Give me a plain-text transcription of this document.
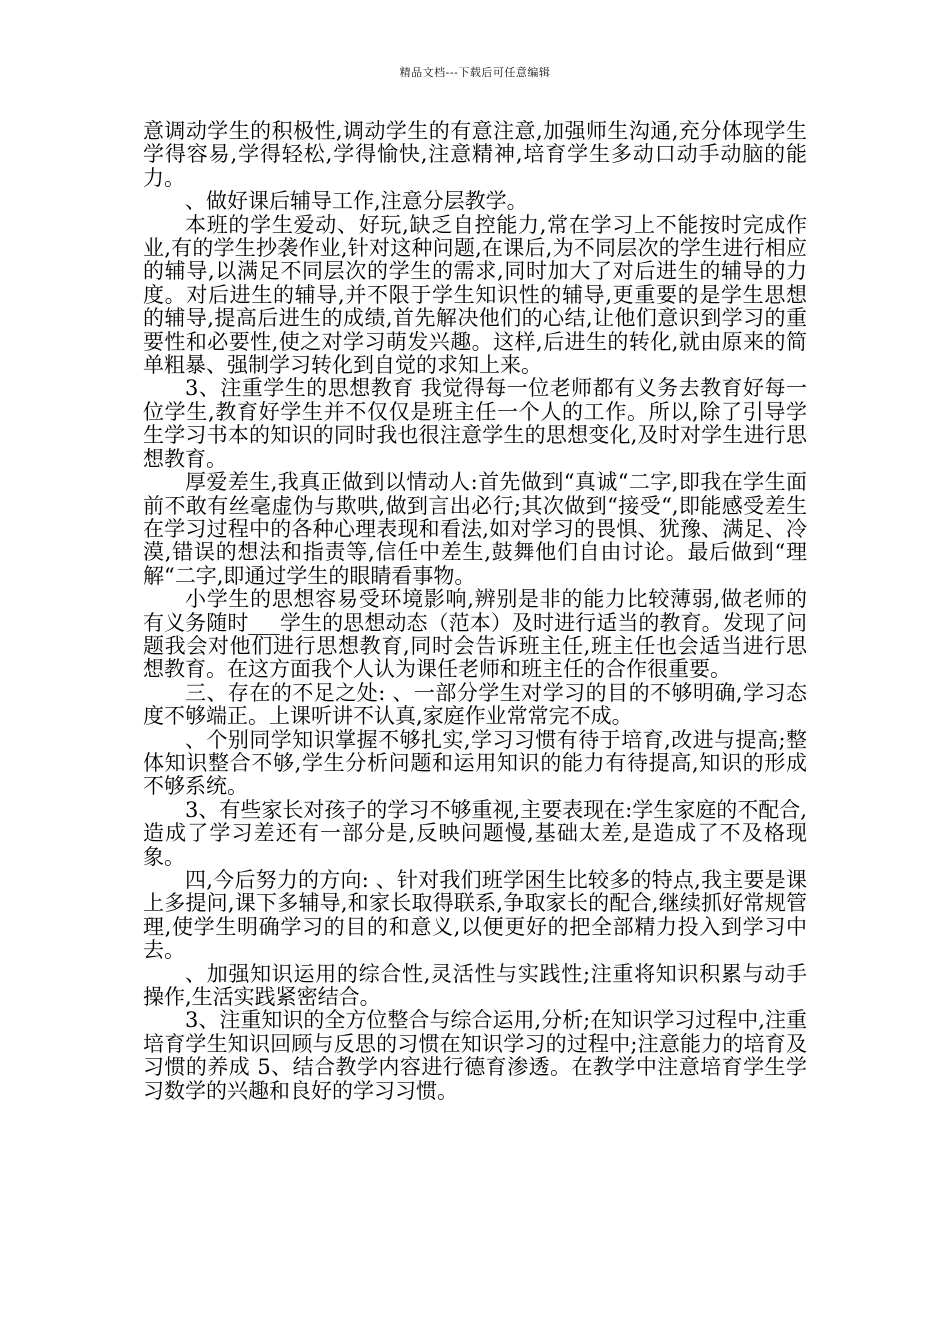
精品文档---下载后可任意编辑

意调动学生的积极性,调动学生的有意注意,加强师生沟通,充分体现学生学得容易,学得轻松,学得愉快,注意精神,培育学生多动口动手动脑的能力。

、做好课后辅导工作,注意分层教学。

本班的学生爱动、好玩,缺乏自控能力,常在学习上不能按时完成作业,有的学生抄袭作业,针对这种问题,在课后,为不同层次的学生进行相应的辅导,以满足不同层次的学生的需求,同时加大了对后进生的辅导的力度。对后进生的辅导,并不限于学生知识性的辅导,更重要的是学生思想的辅导,提高后进生的成绩,首先解决他们的心结,让他们意识到学习的重要性和必要性,使之对学习萌发兴趣。这样,后进生的转化,就由原来的简单粗暴、强制学习转化到自觉的求知上来。

3、注重学生的思想教育 我觉得每一位老师都有义务去教育好每一位学生,教育好学生并不仅仅是班主任一个人的工作。所以,除了引导学生学习书本的知识的同时我也很注意学生的思想变化,及时对学生进行思想教育。

厚爱差生,我真正做到以情动人:首先做到“真诚“二字,即我在学生面前不敢有丝毫虚伪与欺哄,做到言出必行;其次做到“接受“,即能感受差生在学习过程中的各种心理表现和看法,如对学习的畏惧、犹豫、满足、冷漠,错误的想法和指责等,信任中差生,鼓舞他们自由讨论。最后做到“理解“二字,即通过学生的眼睛看事物。

小学生的思想容易受环境影响,辨别是非的能力比较薄弱,做老师的有义务随时___学生的思想动态（范本）及时进行适当的教育。发现了问题我会对他们进行思想教育,同时会告诉班主任,班主任也会适当进行思想教育。在这方面我个人认为课任老师和班主任的合作很重要。

三、存在的不足之处: 、一部分学生对学习的目的不够明确,学习态度不够端正。上课听讲不认真,家庭作业常常完不成。

、个别同学知识掌握不够扎实,学习习惯有待于培育,改进与提高;整体知识整合不够,学生分析问题和运用知识的能力有待提高,知识的形成不够系统。

3、有些家长对孩子的学习不够重视,主要表现在:学生家庭的不配合,造成了学习差还有一部分是,反映问题慢,基础太差,是造成了不及格现象。

四,今后努力的方向: 、针对我们班学困生比较多的特点,我主要是课上多提问,课下多辅导,和家长取得联系,争取家长的配合,继续抓好常规管理,使学生明确学习的目的和意义,以便更好的把全部精力投入到学习中去。

、加强知识运用的综合性,灵活性与实践性;注重将知识积累与动手操作,生活实践紧密结合。

3、注重知识的全方位整合与综合运用,分析;在知识学习过程中,注重培育学生知识回顾与反思的习惯在知识学习的过程中;注意能力的培育及习惯的养成 5、结合教学内容进行德育渗透。在教学中注意培育学生学习数学的兴趣和良好的学习习惯。
